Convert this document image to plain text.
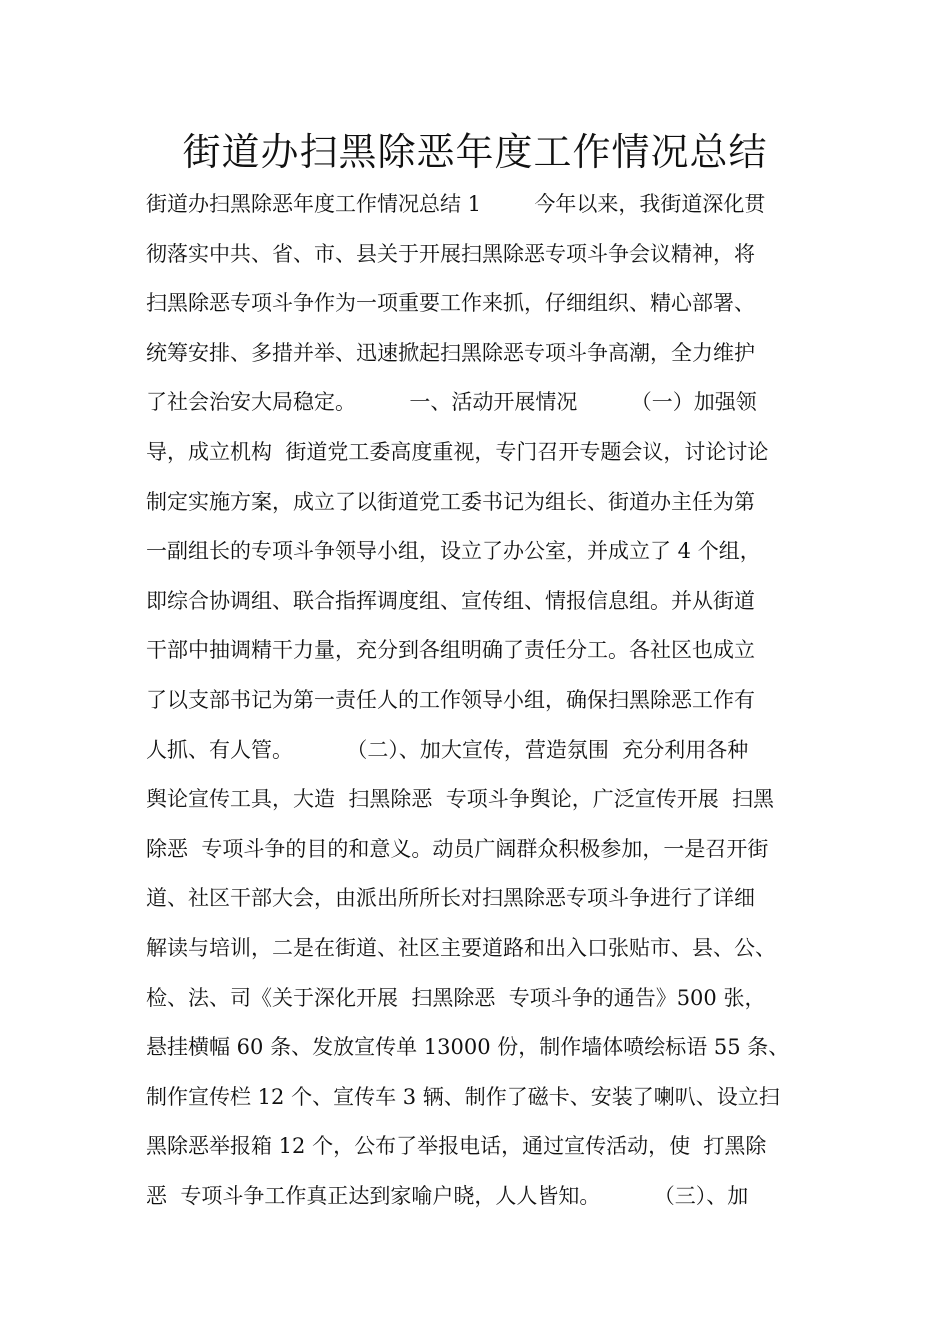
街道办扫黑除恶年度工作情况总结
街道办扫黑除恶年度工作情况总结 1        今年以来，我街道深化贯
彻落实中共、省、市、县关于开展扫黑除恶专项斗争会议精神，将
扫黑除恶专项斗争作为一项重要工作来抓，仔细组织、精心部署、
统筹安排、多措并举、迅速掀起扫黑除恶专项斗争高潮，全力维护
了社会治安大局稳定。        一、活动开展情况        （一）加强领
导，成立机构  街道党工委高度重视，专门召开专题会议，讨论讨论
制定实施方案，成立了以街道党工委书记为组长、街道办主任为第
一副组长的专项斗争领导小组，设立了办公室，并成立了 4 个组，
即综合协调组、联合指挥调度组、宣传组、情报信息组。并从街道
干部中抽调精干力量，充分到各组明确了责任分工。各社区也成立
了以支部书记为第一责任人的工作领导小组，确保扫黑除恶工作有
人抓、有人管。        （二）、加大宣传，营造氛围  充分利用各种
舆论宣传工具，大造  扫黑除恶  专项斗争舆论，广泛宣传开展  扫黑
除恶  专项斗争的目的和意义。动员广阔群众积极参加，一是召开街
道、社区干部大会，由派出所所长对扫黑除恶专项斗争进行了详细
解读与培训，二是在街道、社区主要道路和出入口张贴市、县、公、
检、法、司《关于深化开展  扫黑除恶  专项斗争的通告》500 张，
悬挂横幅 60 条、发放宣传单 13000 份，制作墙体喷绘标语 55 条、
制作宣传栏 12 个、宣传车 3 辆、制作了磁卡、安装了喇叭、设立扫
黑除恶举报箱 12 个，公布了举报电话，通过宣传活动，使  打黑除
恶  专项斗争工作真正达到家喻户晓，人人皆知。        （三）、加
